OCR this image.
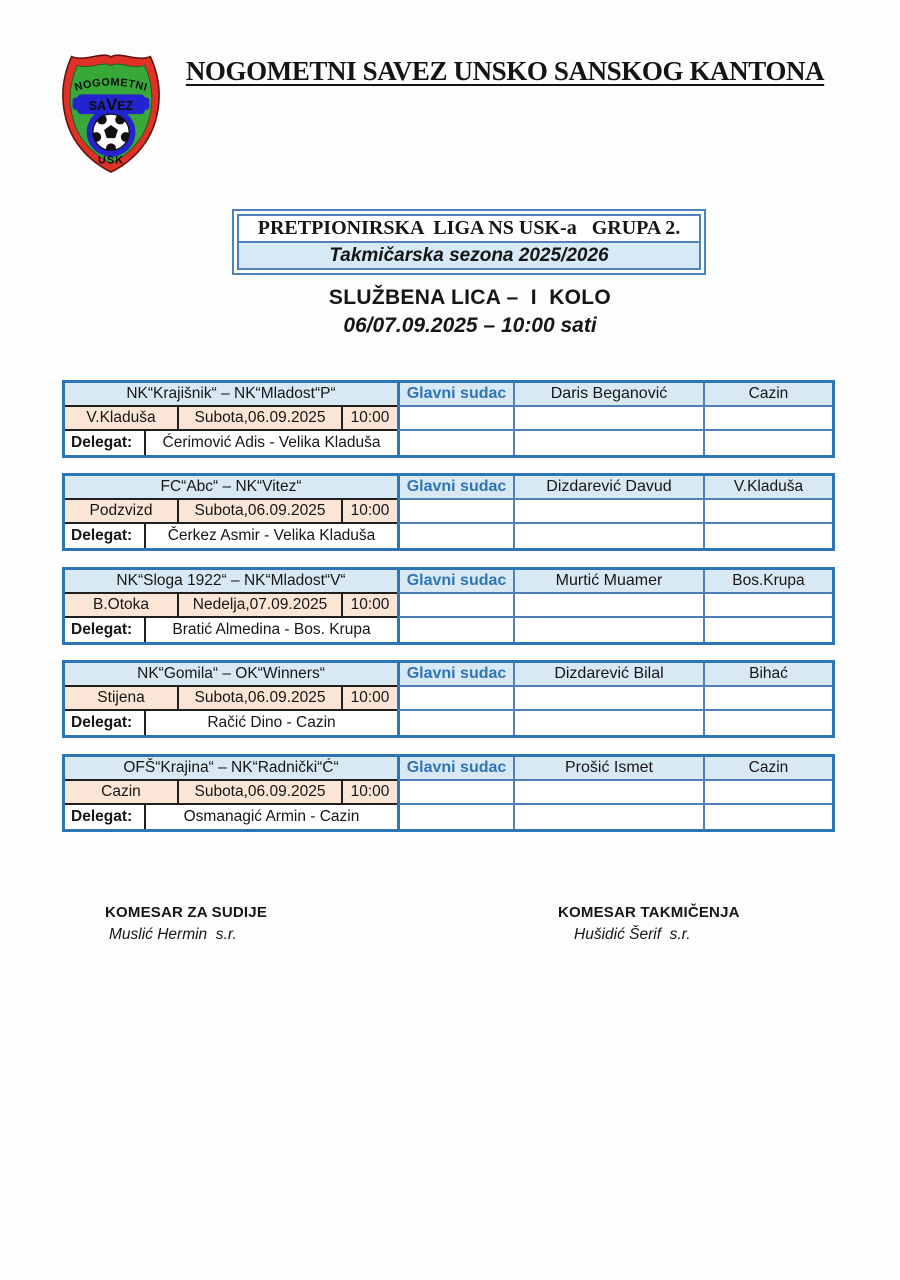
NOGOMETNI
SAVEZ
USK
NOGOMETNI SAVEZ UNSKO SANSKOG KANTONA
PRETPIONIRSKA  LIGA NS USK-a   GRUPA 2.
Takmičarska sezona 2025/2026
SLUŽBENA LICA –  I  KOLO
06/07.09.2025 – 10:00 sati
NK“Krajišnik“ – NK“Mladost“P“	Glavni sudac	Daris Beganović	Cazin
V.Kladuša	Subota,06.09.2025	10:00
Delegat:	Ćerimović Adis - Velika Kladuša
FC“Abc“ – NK“Vitez“	Glavni sudac	Dizdarević Davud	V.Kladuša
Podzvizd	Subota,06.09.2025	10:00
Delegat:	Čerkez Asmir - Velika Kladuša
NK“Sloga 1922“ – NK“Mladost“V“	Glavni sudac	Murtić Muamer	Bos.Krupa
B.Otoka	Nedelja,07.09.2025	10:00
Delegat:	Bratić Almedina - Bos. Krupa
NK“Gomila“ – OK“Winners“	Glavni sudac	Dizdarević Bilal	Bihać
Stijena	Subota,06.09.2025	10:00
Delegat:	Račić Dino - Cazin
OFŠ“Krajina“ – NK“Radnički“Ć“	Glavni sudac	Prošić Ismet	Cazin
Cazin	Subota,06.09.2025	10:00
Delegat:	Osmanagić Armin - Cazin
KOMESAR ZA SUDIJE
Muslić Hermin  s.r.
KOMESAR TAKMIČENJA
Hušidić Šerif  s.r.
